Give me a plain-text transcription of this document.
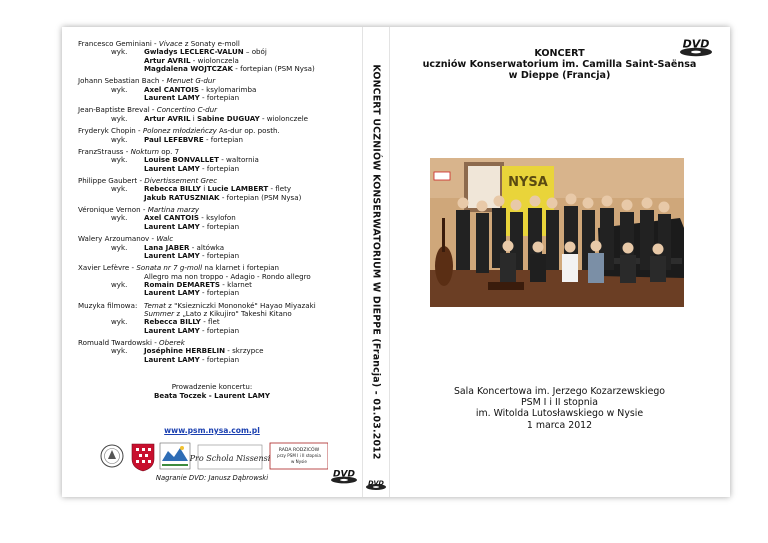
Francesco Geminiani - Vivace z Sonaty e-moll
wyk. Gwladys LECLERC-VALUN – obój
Artur AVRIL - wiolonczela
Magdalena WOJTCZAK - fortepian (PSM Nysa)
Johann Sebastian Bach - Menuet G-dur
wyk. Axel CANTOIS - ksylomarimba
Laurent LAMY - fortepian
Jean-Baptiste Breval - Concertino C-dur
wyk. Artur AVRIL i Sabine DUGUAY - wiolonczele
Fryderyk Chopin - Polonez młodzieńczy As-dur op. posth.
wyk. Paul LEFEBVRE - fortepian
FranzStrauss - Nokturn op. 7
wyk. Louise BONVALLET - waltornia
Laurent LAMY - fortepian
Philippe Gaubert - Divertissement Grec
wyk. Rebecca BILLY i Lucie LAMBERT - flety
Jakub RATUSZNIAK - fortepian (PSM Nysa)
Véronique Vernon - Martina marzy
wyk. Axel CANTOIS - ksylofon
Laurent LAMY - fortepian
Walery Arzoumanov - Walc
wyk. Lana JABER - altówka
Laurent LAMY - fortepian
Xavier Lefèvre - Sonata nr 7 g-moll na klarnet i fortepian
Allegro ma non troppo - Adagio - Rondo allegro
wyk. Romain DEMARETS - klarnet
Laurent LAMY - fortepian
Muzyka filmowa: Temat z "Ksiezniczki Mononoké" Hayao Miyazaki
Summer z „Lato z Kikujiro" Takeshi Kitano
wyk. Rebecca BILLY - flet
Laurent LAMY - fortepian
Romuald Twardowski - Oberek
wyk. Joséphine HERBELIN - skrzypce
Laurent LAMY - fortepian
Prowadzenie koncertu:
Beata Toczek - Laurent LAMY
www.psm.nysa.com.pl
Pro Schola Nissensi
RADA RODZICÓW
przy PSM I i II stopnia
w Nysie
Nagranie DVD: Janusz Dąbrowski	DVD
KONCERT UCZNIÓW KONSERWATORIUM W DIEPPE (Francja) - 01.03.2012
DVD
DVD
KONCERT
uczniów Konserwatorium im. Camilla Saint-Saënsa
w Dieppe (Francja)
NYSA
Sala Koncertowa im. Jerzego Kozarzewskiego
PSM I i II stopnia
im. Witolda Lutosławskiego w Nysie
1 marca 2012
